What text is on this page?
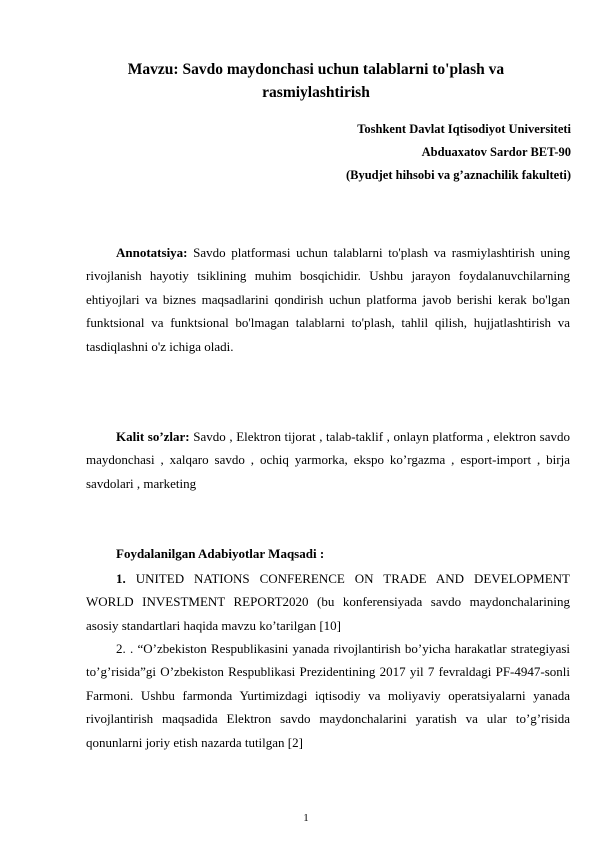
Mavzu: Savdo maydonchasi uchun talablarni to'plash va rasmiylashtirish
Toshkent Davlat Iqtisodiyot Universiteti
Abduaxatov Sardor BET-90
(Byudjet hihsobi va g’aznachilik fakulteti)
Annotatsiya: Savdo platformasi uchun talablarni to'plash va rasmiylashtirish uning rivojlanish hayotiy tsiklining muhim bosqichidir. Ushbu jarayon foydalanuvchilarning ehtiyojlari va biznes maqsadlarini qondirish uchun platforma javob berishi kerak bo'lgan funktsional va funktsional bo'lmagan talablarni to'plash, tahlil qilish, hujjatlashtirish va tasdiqlashni o'z ichiga oladi.
Kalit so’zlar: Savdo , Elektron tijorat , talab-taklif , onlayn platforma , elektron savdo maydonchasi , xalqaro savdo , ochiq yarmorka, ekspo ko’rgazma , esport-import , birja savdolari , marketing
Foydalanilgan Adabiyotlar Maqsadi :
1. UNITED NATIONS CONFERENCE ON TRADE AND DEVELOPMENT WORLD INVESTMENT REPORT2020 (bu konferensiyada savdo maydonchalarining asosiy standartlari haqida mavzu ko’tarilgan [10]
2. . “O’zbekiston Respublikasini yanada rivojlantirish bo’yicha harakatlar strategiyasi to’g’risida”gi O’zbekiston Respublikasi Prezidentining 2017 yil 7 fevraldagi PF-4947-sonli Farmoni. Ushbu farmonda Yurtimizdagi iqtisodiy va moliyaviy operatsiyalarni yanada rivojlantirish maqsadida Elektron savdo maydonchalarini yaratish va ular to’g’risida qonunlarni joriy etish nazarda tutilgan [2]
1
